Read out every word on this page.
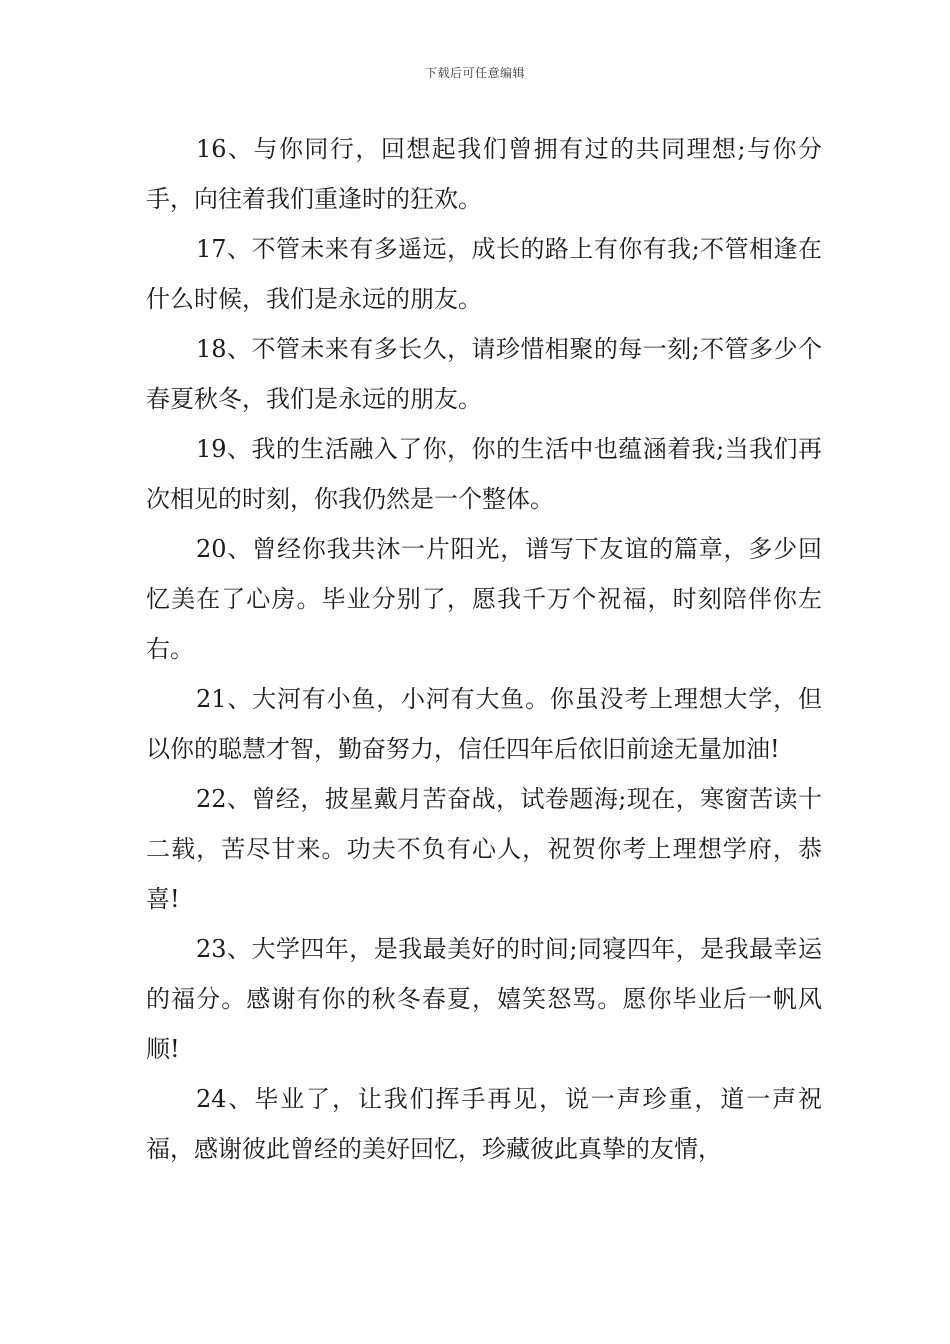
下载后可任意编辑

16、与你同行，回想起我们曾拥有过的共同理想;与你分手，向往着我们重逢时的狂欢。

17、不管未来有多遥远，成长的路上有你有我;不管相逢在什么时候，我们是永远的朋友。

18、不管未来有多长久，请珍惜相聚的每一刻;不管多少个春夏秋冬，我们是永远的朋友。

19、我的生活融入了你，你的生活中也蕴涵着我;当我们再次相见的时刻，你我仍然是一个整体。

20、曾经你我共沐一片阳光，谱写下友谊的篇章，多少回忆美在了心房。毕业分别了，愿我千万个祝福，时刻陪伴你左右。

21、大河有小鱼，小河有大鱼。你虽没考上理想大学，但以你的聪慧才智，勤奋努力，信任四年后依旧前途无量加油!

22、曾经，披星戴月苦奋战，试卷题海;现在，寒窗苦读十二载，苦尽甘来。功夫不负有心人，祝贺你考上理想学府，恭喜!

23、大学四年，是我最美好的时间;同寝四年，是我最幸运的福分。感谢有你的秋冬春夏，嬉笑怒骂。愿你毕业后一帆风顺!

24、毕业了，让我们挥手再见，说一声珍重，道一声祝福，感谢彼此曾经的美好回忆，珍藏彼此真挚的友情，
